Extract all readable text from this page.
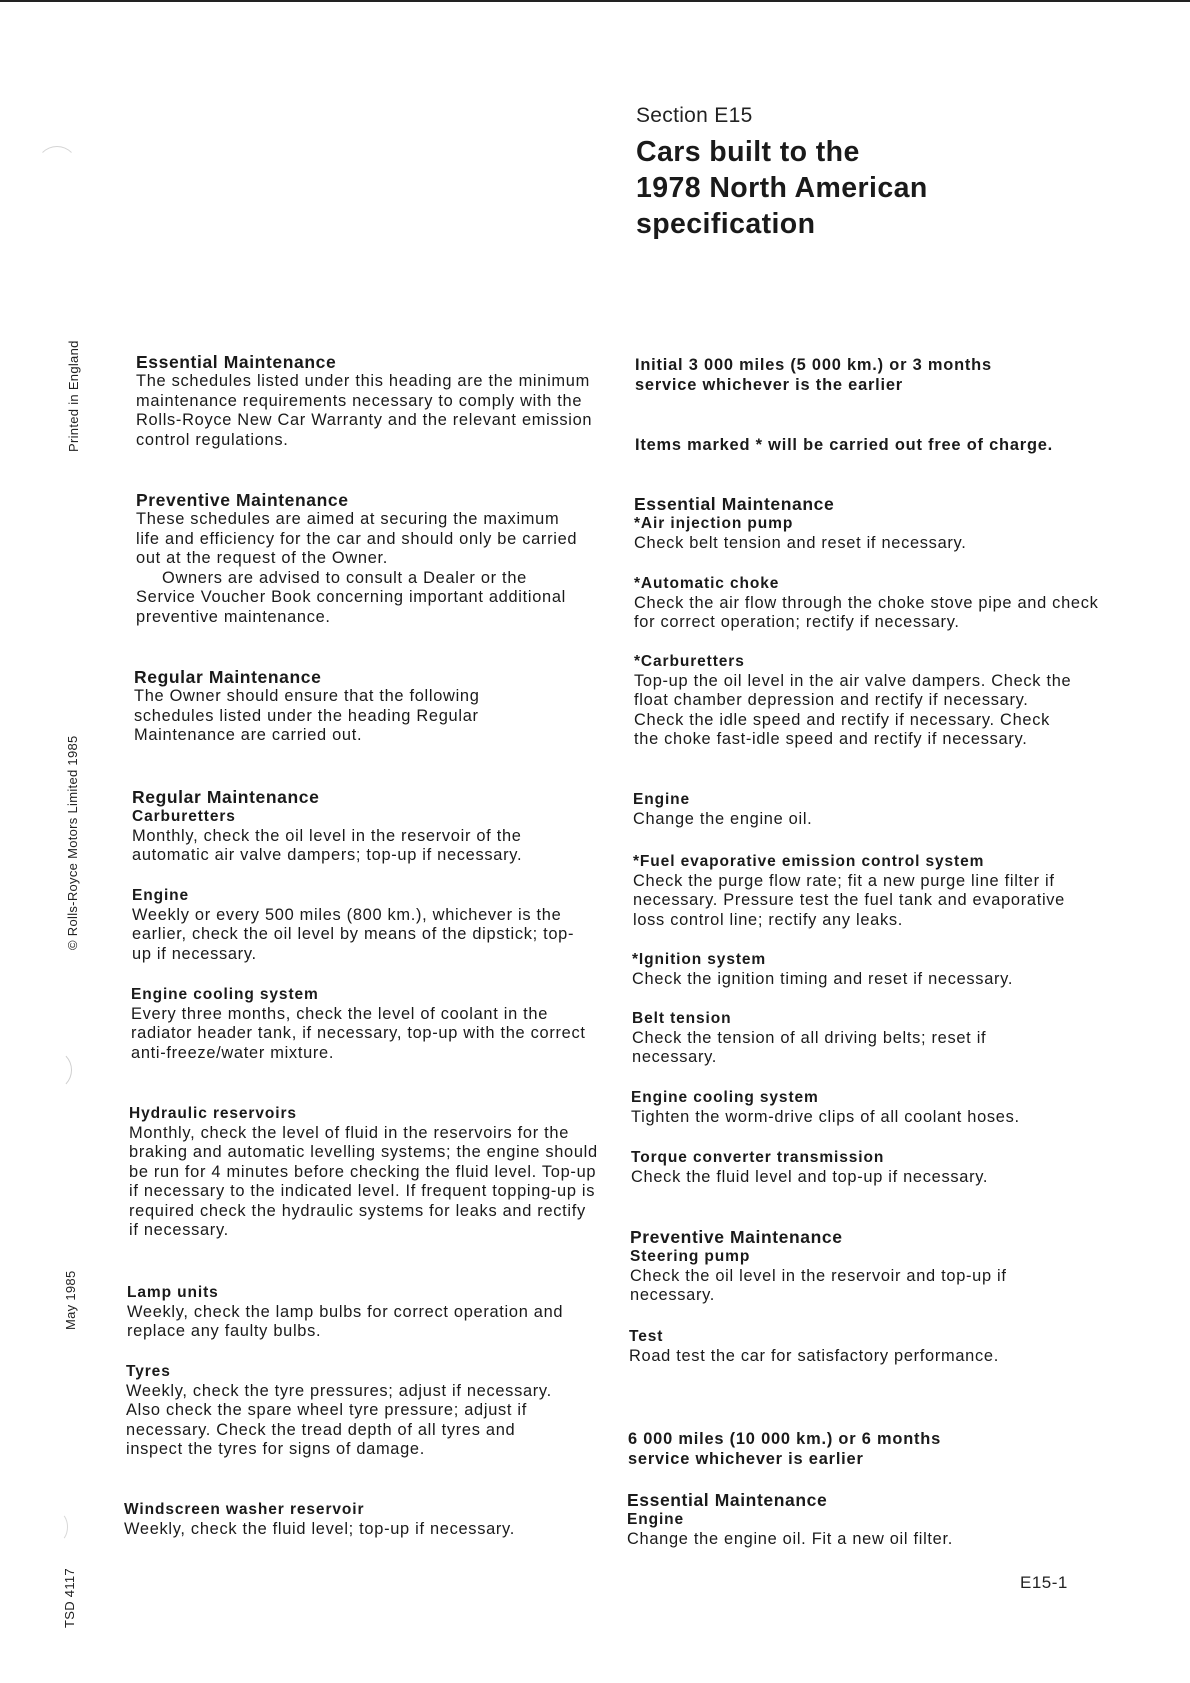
Printed in England
© Rolls-Royce Motors Limited 1985
May 1985
TSD 4117
Section E15
Cars built to the
1978 North American
specification
Essential Maintenance
The schedules listed under this heading are the minimum maintenance requirements necessary to comply with the Rolls-Royce New Car Warranty and the relevant emission control regulations.
Preventive Maintenance
These schedules are aimed at securing the maximum life and efficiency for the car and should only be carried out at the request of the Owner.
Owners are advised to consult a Dealer or the Service Voucher Book concerning important additional preventive maintenance.
Regular Maintenance
The Owner should ensure that the following schedules listed under the heading Regular Maintenance are carried out.
Regular Maintenance
Carburetters
Monthly, check the oil level in the reservoir of the automatic air valve dampers; top-up if necessary.
Engine
Weekly or every 500 miles (800 km.), whichever is the earlier, check the oil level by means of the dipstick; top-up if necessary.
Engine cooling system
Every three months, check the level of coolant in the radiator header tank, if necessary, top-up with the correct anti-freeze/water mixture.
Hydraulic reservoirs
Monthly, check the level of fluid in the reservoirs for the braking and automatic levelling systems; the engine should be run for 4 minutes before checking the fluid level. Top-up if necessary to the indicated level. If frequent topping-up is required check the hydraulic systems for leaks and rectify if necessary.
Lamp units
Weekly, check the lamp bulbs for correct operation and replace any faulty bulbs.
Tyres
Weekly, check the tyre pressures; adjust if necessary. Also check the spare wheel tyre pressure; adjust if necessary. Check the tread depth of all tyres and inspect the tyres for signs of damage.
Windscreen washer reservoir
Weekly, check the fluid level; top-up if necessary.
Initial 3 000 miles (5 000 km.) or 3 months
service whichever is the earlier
Items marked * will be carried out free of charge.
Essential Maintenance
*Air injection pump
Check belt tension and reset if necessary.
*Automatic choke
Check the air flow through the choke stove pipe and check for correct operation; rectify if necessary.
*Carburetters
Top-up the oil level in the air valve dampers. Check the float chamber depression and rectify if necessary. Check the idle speed and rectify if necessary. Check the choke fast-idle speed and rectify if necessary.
Engine
Change the engine oil.
*Fuel evaporative emission control system
Check the purge flow rate; fit a new purge line filter if necessary. Pressure test the fuel tank and evaporative loss control line; rectify any leaks.
*Ignition system
Check the ignition timing and reset if necessary.
Belt tension
Check the tension of all driving belts; reset if necessary.
Engine cooling system
Tighten the worm-drive clips of all coolant hoses.
Torque converter transmission
Check the fluid level and top-up if necessary.
Preventive Maintenance
Steering pump
Check the oil level in the reservoir and top-up if necessary.
Test
Road test the car for satisfactory performance.
6 000 miles (10 000 km.) or 6 months
service whichever is earlier
Essential Maintenance
Engine
Change the engine oil. Fit a new oil filter.
E15-1
